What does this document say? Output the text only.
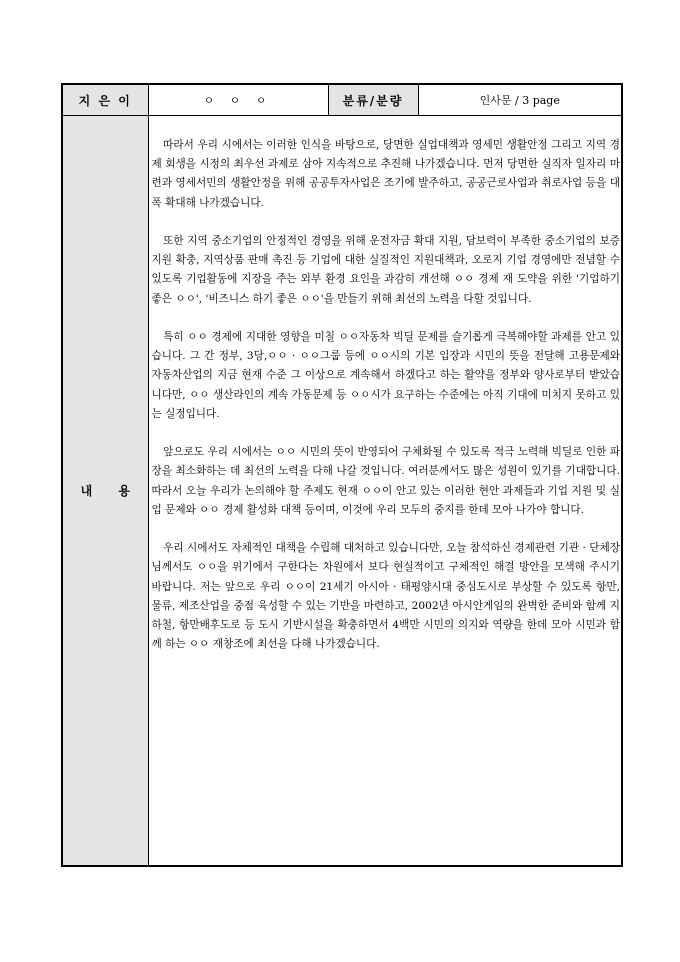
지 은 이	ㅇ ㅇ ㅇ	분류/분량	인사문 / 3 page
내 용	따라서 우리 시에서는 이러한 인식을 바탕으로, 당면한 실업대책과 영세민 생활안정 그리고 지역 경제 회생을 시정의 최우선 과제로 삼아 지속적으로 추진해 나가겠습니다. 먼저 당면한 실직자 일자리 마련과 영세서민의 생활안정을 위해 공공투자사업은 조기에 발주하고, 공공근로사업과 취로사업 등을 대폭 확대해 나가겠습니다.

또한 지역 중소기업의 안정적인 경영을 위해 운전자금 확대 지원, 담보력이 부족한 중소기업의 보증지원 확충, 지역상품 판매 촉진 등 기업에 대한 실질적인 지원대책과, 오로지 기업 경영에만 전념할 수 있도록 기업활동에 지장을 주는 외부 환경 요인을 과감히 개선해 ㅇㅇ 경제 재 도약을 위한 '기업하기 좋은 ㅇㅇ', '비즈니스 하기 좋은 ㅇㅇ'을 만들기 위해 최선의 노력을 다할 것입니다.

특히 ㅇㅇ 경제에 지대한 영향을 미칠 ㅇㅇ자동차 빅딜 문제를 슬기롭게 극복해야할 과제를 안고 있습니다. 그 간 정부, 3당,ㅇㅇ · ㅇㅇ그룹 등에 ㅇㅇ시의 기본 입장과 시민의 뜻을 전달해 고용문제와 자동차산업의 지금 현재 수준 그 이상으로 계속해서 하겠다고 하는 활약을 정부와 양사로부터 받았습니다만, ㅇㅇ 생산라인의 계속 가동문제 등 ㅇㅇ시가 요구하는 수준에는 아직 기대에 미치지 못하고 있는 실정입니다.

앞으로도 우리 시에서는 ㅇㅇ 시민의 뜻이 반영되어 구체화될 수 있도록 적극 노력해 빅딜로 인한 파장을 최소화하는 데 최선의 노력을 다해 나갈 것입니다. 여러분께서도 많은 성원이 있기를 기대합니다. 따라서 오늘 우리가 논의해야 할 주제도 현재 ㅇㅇ이 안고 있는 이러한 현안 과제들과 기업 지원 및 실업 문제와 ㅇㅇ 경제 활성화 대책 등이며, 이것에 우리 모두의 중지를 한데 모아 나가야 합니다.

우리 시에서도 자체적인 대책을 수립해 대처하고 있습니다만, 오늘 참석하신 경제관련 기관 · 단체장님께서도 ㅇㅇ을 위기에서 구한다는 차원에서 보다 현실적이고 구체적인 해결 방안을 모색해 주시기 바랍니다. 저는 앞으로 우리 ㅇㅇ이 21세기 아시아 · 태평양시대 중심도시로 부상할 수 있도록 항만, 물류, 제조산업을 중점 육성할 수 있는 기반을 마련하고, 2002년 아시안게임의 완벽한 준비와 함께 지하철, 항만배후도로 등 도시 기반시설을 확충하면서 4백만 시민의 의지와 역량을 한데 모아 시민과 함께 하는 ㅇㅇ 재창조에 최선을 다해 나가겠습니다.		
